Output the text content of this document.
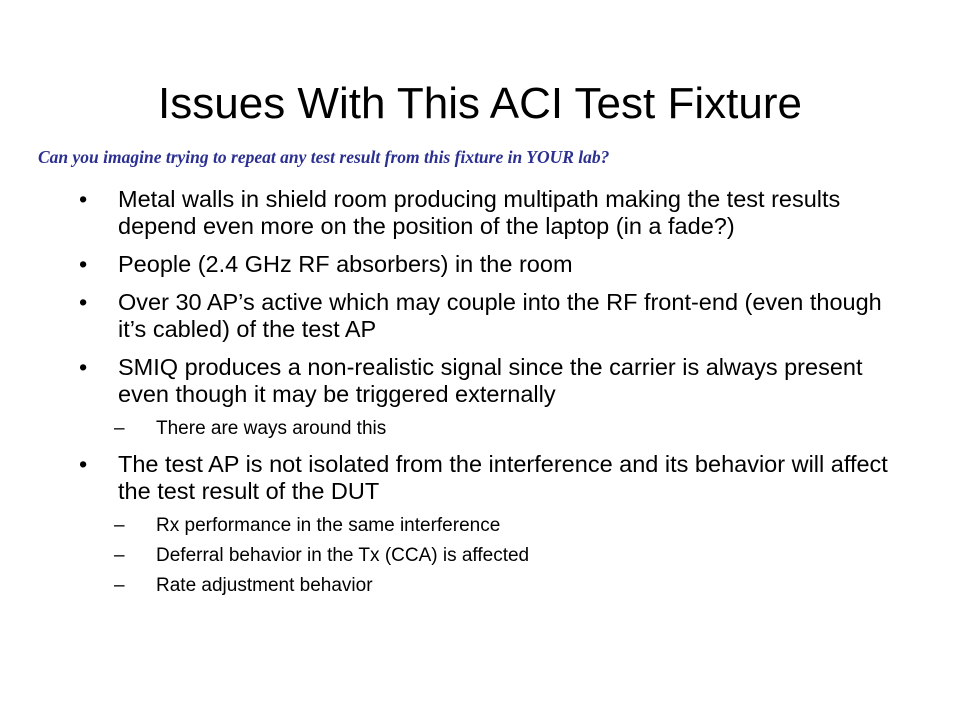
Issues With This ACI Test Fixture
Can you imagine trying to repeat any test result from this fixture in YOUR lab?
• Metal walls in shield room producing multipath making the test results depend even more on the position of the laptop (in a fade?)
• People (2.4 GHz RF absorbers) in the room
• Over 30 AP’s active which may couple into the RF front-end (even though it’s cabled) of the test AP
• SMIQ produces a non-realistic signal since the carrier is always present even though it may be triggered externally
– There are ways around this
• The test AP is not isolated from the interference and its behavior will affect the test result of the DUT
– Rx performance in the same interference
– Deferral behavior in the Tx (CCA) is affected
– Rate adjustment behavior
